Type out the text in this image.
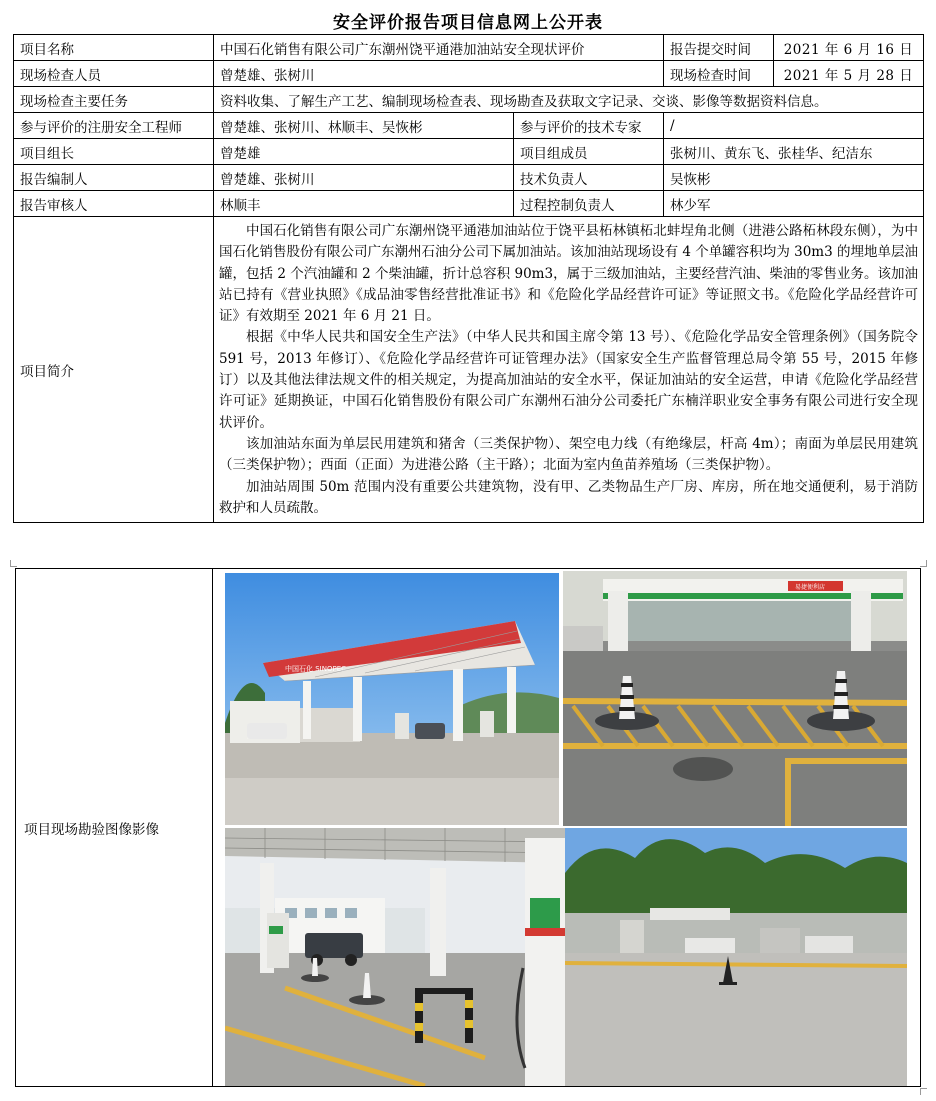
安全评价报告项目信息网上公开表
项目名称	中国石化销售有限公司广东潮州饶平通港加油站安全现状评价		报告提交时间	2021 年 6 月 16 日
现场检查人员	曾楚雄、张树川		现场检查时间	2021 年 5 月 28 日
现场检查主要任务	资料收集、了解生产工艺、编制现场检查表、现场勘查及获取文字记录、交谈、影像等数据资料信息。			
参与评价的注册安全工程师	曾楚雄、张树川、林顺丰、吴恢彬	参与评价的技术专家	/	
项目组长	曾楚雄	项目组成员	张树川、黄东飞、张桂华、纪洁东	
报告编制人	曾楚雄、张树川	技术负责人	吴恢彬	
报告审核人	林顺丰	过程控制负责人	林少军	
项目简介	中国石化销售有限公司广东潮州饶平通港加油站位于饶平县柘林镇柘北蚌埕角北侧（进港公路柘林段东侧），为中国石化销售股份有限公司广东潮州石油分公司下属加油站。该加油站现场设有 4 个单罐容积均为 30m3 的埋地单层油罐，包括 2 个汽油罐和 2 个柴油罐，折计总容积 90m3，属于三级加油站，主要经营汽油、柴油的零售业务。该加油站已持有《营业执照》《成品油零售经营批准证书》和《危险化学品经营许可证》等证照文书。《危险化学品经营许可证》有效期至 2021 年 6 月 21 日。

根据《中华人民共和国安全生产法》（中华人民共和国主席令第 13 号）、《危险化学品安全管理条例》（国务院令 591 号，2013 年修订）、《危险化学品经营许可证管理办法》（国家安全生产监督管理总局令第 55 号，2015 年修订）以及其他法律法规文件的相关规定，为提高加油站的安全水平，保证加油站的安全运营，申请《危险化学品经营许可证》延期换证，中国石化销售股份有限公司广东潮州石油分公司委托广东楠洋职业安全事务有限公司进行安全现状评价。

该加油站东面为单层民用建筑和猪舍（三类保护物）、架空电力线（有绝缘层，杆高 4m）；南面为单层民用建筑（三类保护物）；西面（正面）为进港公路（主干路）；北面为室内鱼苗养殖场（三类保护物）。

加油站周围 50m 范围内没有重要公共建筑物，没有甲、乙类物品生产厂房、库房，所在地交通便利，易于消防救护和人员疏散。			

项目现场勘验图像影像	
中国石化 SINOPEC
易捷便利店
